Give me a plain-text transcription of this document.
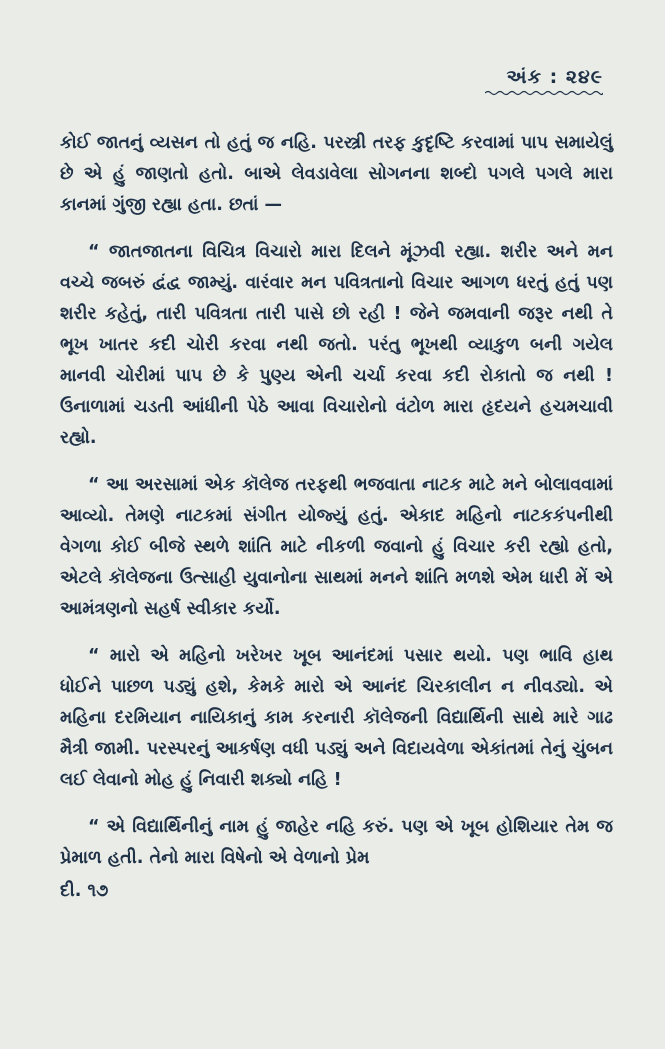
અંક : ૨૪૯

કોઈ જાતનું વ્યસન તો હતું જ નહિ. પરસ્ત્રી તરફ કુદૃષ્ટિ કરવામાં પાપ સમાયેલું છે એ હું જાણતો હતો. બાએ લેવડાવેલા સોગનના શબ્દો પગલે પગલે મારા કાનમાં ગુંજી રહ્યા હતા. છતાં —

“ જાતજાતના વિચિત્ર વિચારો મારા દિલને મૂંઝવી રહ્યા. શરીર અને મન વચ્ચે જબરું દ્વંદ્વ જામ્યું. વારંવાર મન પવિત્રતાનો વિચાર આગળ ધરતું હતું પણ શરીર કહેતું, તારી પવિત્રતા તારી પાસે છો રહી ! જેને જમવાની જરૂર નથી તે ભૂખ ખાતર કદી ચોરી કરવા નથી જતો. પરંતુ ભૂખથી વ્યાકુળ બની ગયેલ માનવી ચોરીમાં પાપ છે કે પુણ્ય એની ચર્ચા કરવા કદી રોકાતો જ નથી ! ઉનાળામાં ચડતી આંધીની પેઠે આવા વિચારોનો વંટોળ મારા હૃદયને હચમચાવી રહ્યો.

“ આ અરસામાં એક કૉલેજ તરફથી ભજવાતા નાટક માટે મને બોલાવવામાં આવ્યો. તેમણે નાટકમાં સંગીત યોજ્યું હતું. એકાદ મહિનો નાટકકંપનીથી વેગળા કોઈ બીજે સ્થળે શાંતિ માટે નીકળી જવાનો હું વિચાર કરી રહ્યો હતો, એટલે કૉલેજના ઉત્સાહી યુવાનોના સાથમાં મનને શાંતિ મળશે એમ ધારી મેં એ આમંત્રણનો સહર્ષ સ્વીકાર કર્યો.

“ મારો એ મહિનો ખરેખર ખૂબ આનંદમાં પસાર થયો. પણ ભાવિ હાથ ધોઈને પાછળ પડ્યું હશે, કેમકે મારો એ આનંદ ચિરકાલીન ન નીવડ્યો. એ મહિના દરમિયાન નાયિકાનું કામ કરનારી કૉલેજની વિદ્યાર્થિની સાથે મારે ગાઢ મૈત્રી જામી. પરસ્પરનું આકર્ષણ વધી પડ્યું અને વિદાયવેળા એકાંતમાં તેનું ચુંબન લઈ લેવાનો મોહ હું નિવારી શક્યો નહિ !

“ એ વિદ્યાર્થિનીનું નામ હું જાહેર નહિ કરું. પણ એ ખૂબ હોશિયાર તેમ જ પ્રેમાળ હતી. તેનો મારા વિષેનો એ વેળાનો પ્રેમ

દી. ૧૭
